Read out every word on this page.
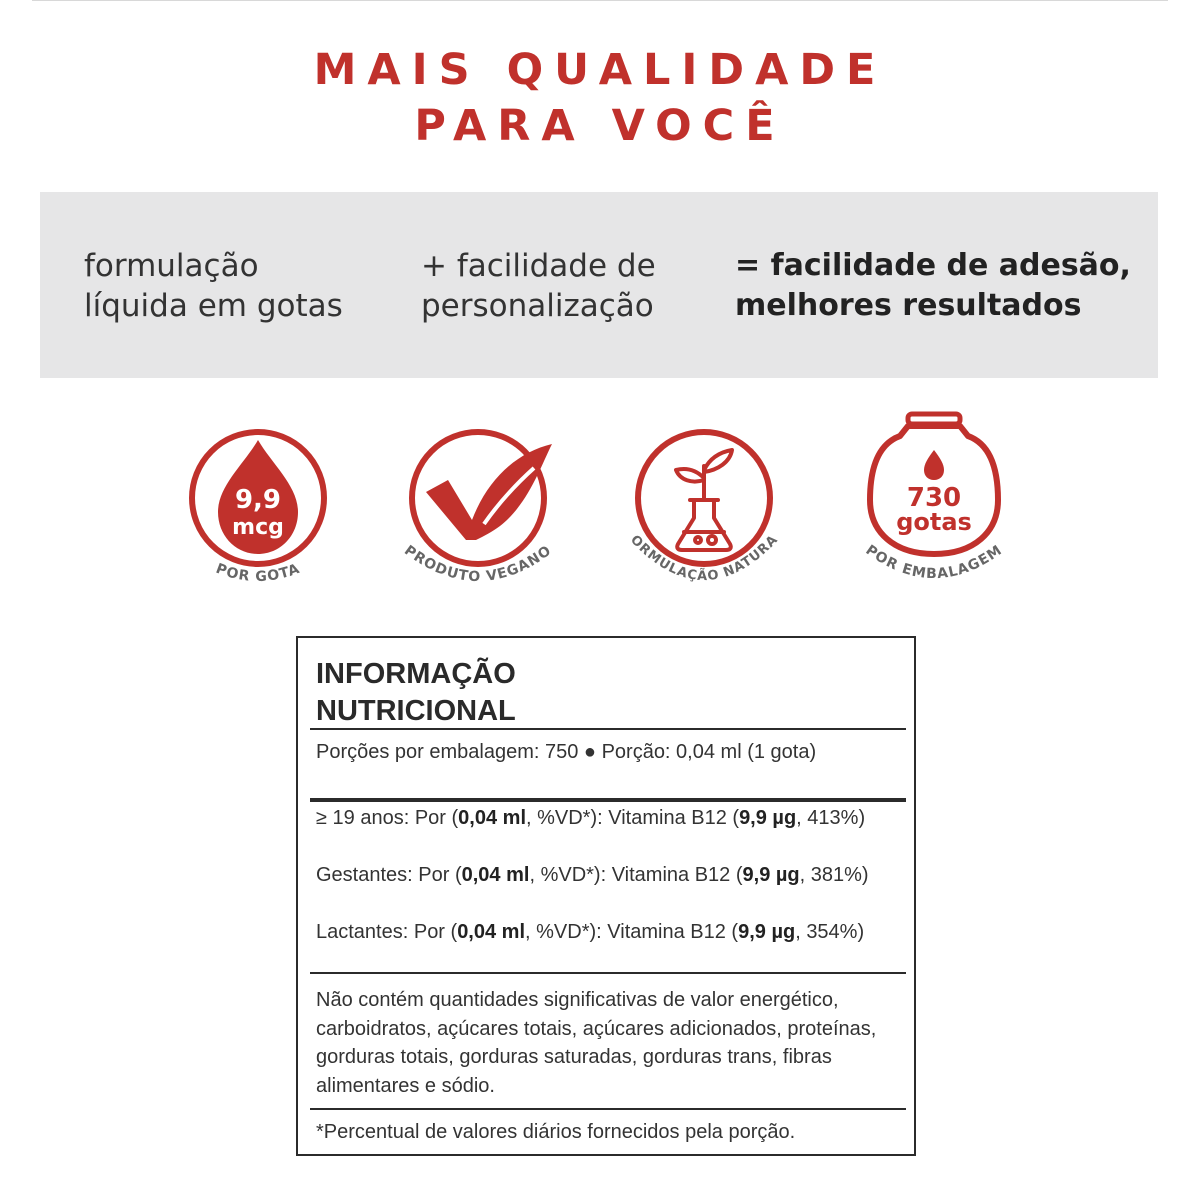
MAIS QUALIDADE
PARA VOCÊ
formulação
líquida em gotas
+ facilidade de
personalização
= facilidade de adesão,
melhores resultados
9,9
mcg
POR GOTA
PRODUTO VEGANO
FORMULAÇÃO NATURAL
730
gotas
POR EMBALAGEM
INFORMAÇÃO
NUTRICIONAL
Porções por embalagem: 750 ● Porção: 0,04 ml (1 gota)
≥ 19 anos: Por (0,04 ml, %VD*): Vitamina B12 (9,9 µg, 413%)
Gestantes: Por (0,04 ml, %VD*): Vitamina B12 (9,9 µg, 381%)
Lactantes: Por (0,04 ml, %VD*): Vitamina B12 (9,9 µg, 354%)
Não contém quantidades significativas de valor energético, carboidratos, açúcares totais, açúcares adicionados, proteínas, gorduras totais, gorduras saturadas, gorduras trans, fibras alimentares e sódio.
*Percentual de valores diários fornecidos pela porção.
